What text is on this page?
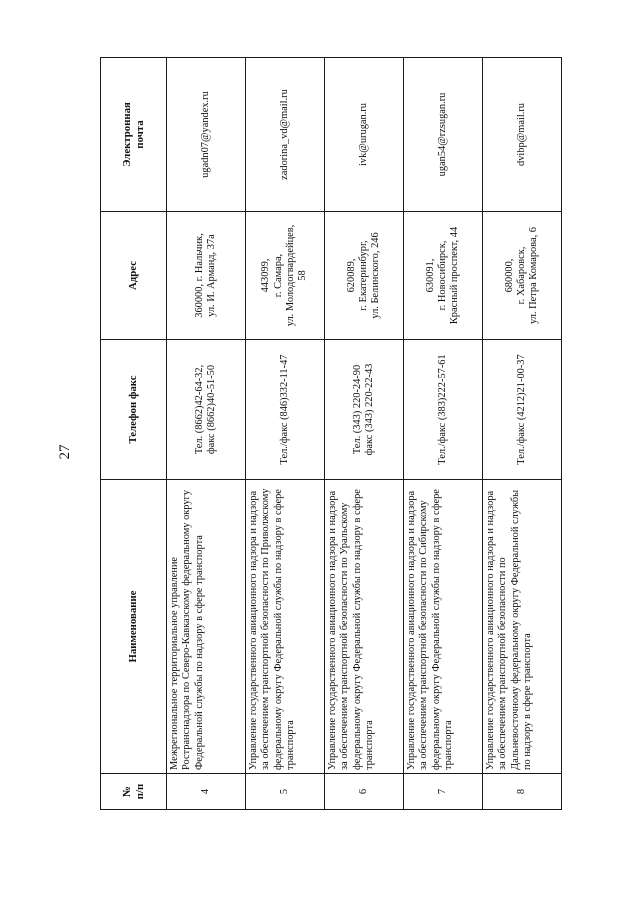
27
№ п/п	Наименование	Телефон факс	Адрес	Электронная почта

4	Межрегиональное территориальное управление Ространснадзора по Северо-Кавказскому федеральному округу Федеральной службы по надзору в сфере транспорта	Тел. (8662)42-64-32, факс (8662)40-51-50	360000, г. Нальчик, ул. И. Арманд, 37а	ugadn07@yandex.ru
5	Управление государственного авиационного надзора и надзора за обеспечением транспортной безопасности по Приволжскому федеральному округу Федеральной службы по надзору в сфере транспорта	Тел./факс (846)332-11-47	443099, г. Самара, ул. Молодогвардейцев, 58	zadorina_vd@mail.ru
6	Управление государственного авиационного надзора и надзора за обеспечением транспортной безопасности по Уральскому федеральному округу Федеральной службы по надзору в сфере транспорта	Тел. (343) 220-24-90 факс (343) 220-22-43	620089, г. Екатеринбург, ул. Белинского, 246	ivk@urugan.ru
7	Управление государственного авиационного надзора и надзора за обеспечением транспортной безопасности по Сибирскому федеральному округу Федеральной службы по надзору в сфере транспорта	Тел./факс (383)222-57-61	630091, г. Новосибирск, Красный проспект, 44	ugan54@rzsugan.ru
8	Управление государственного авиационного надзора и надзора за обеспечением транспортной безопасности по Дальневосточному федеральному округу Федеральной службы по надзору в сфере транспорта	Тел./факс (4212)21-00-37	680000, г. Хабаровск, ул. Петра Комарова, 6	dvibp@mail.ru
